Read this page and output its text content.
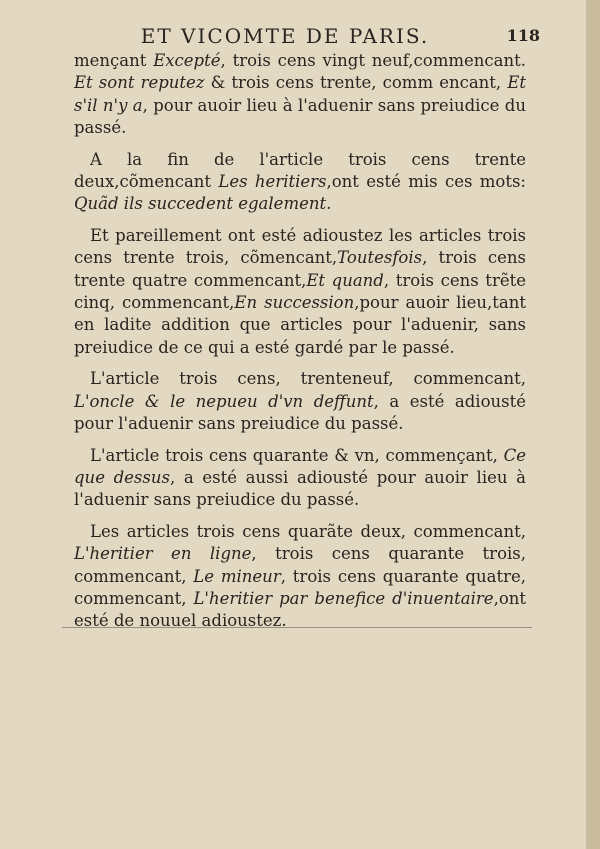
ET VICOMTE DE PARIS.	118

mençant Excepté, trois cens vingt neuf,commencant. Et sont reputez & trois cens trente, comm encant, Et s'il n'y a, pour auoir lieu à l'aduenir sans preiudice du passé.

A la fin de l'article trois cens trente deux,cõmencant Les heritiers,ont esté mis ces mots: Quãd ils succedent egalement.

Et pareillement ont esté adioustez les articles trois cens trente trois, cõmencant,Toutesfois, trois cens trente quatre commencant,Et quand, trois cens trẽte cinq, commencant,En succession,pour auoir lieu,tant en ladite addition que articles pour l'aduenir, sans preiudice de ce qui a esté gardé par le passé.

L'article trois cens, trenteneuf, commencant, L'oncle & le nepueu d'vn deffunt, a esté adiousté pour l'aduenir sans preiudice du passé.

L'article trois cens quarante & vn, commençant, Ce que dessus, a esté aussi adiousté pour auoir lieu à l'aduenir sans preiudice du passé.

Les articles trois cens quarãte deux, commencant, L'heritier en ligne, trois cens quarante trois, commencant, Le mineur, trois cens quarante quatre, commencant, L'heritier par benefice d'inuentaire,ont esté de nouuel adioustez.
